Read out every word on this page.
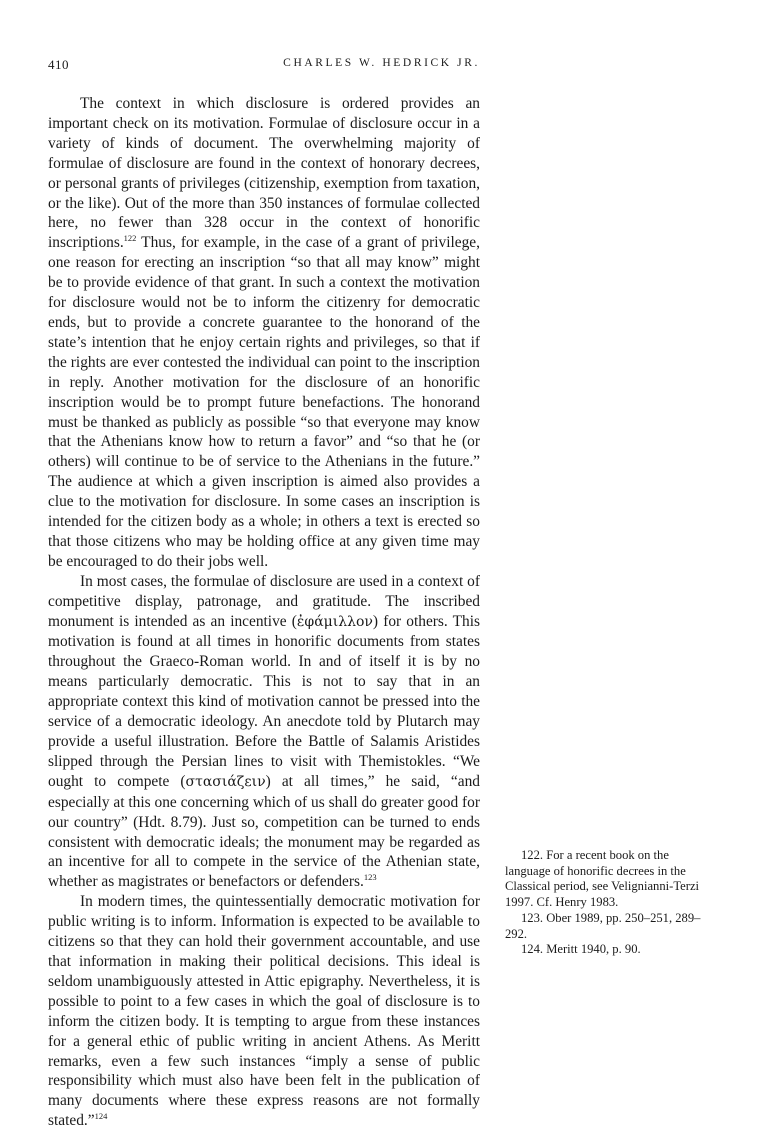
410	CHARLES W. HEDRICK JR.

The context in which disclosure is ordered provides an important check on its motivation. Formulae of disclosure occur in a variety of kinds of document. The overwhelming majority of formulae of disclosure are found in the context of honorary decrees, or personal grants of privileges (citizenship, exemption from taxation, or the like). Out of the more than 350 instances of formulae collected here, no fewer than 328 occur in the context of honorific inscriptions.$^{122}$ Thus, for example, in the case of a grant of privilege, one reason for erecting an inscription “so that all may know” might be to provide evidence of that grant. In such a context the motivation for disclosure would not be to inform the citizenry for democratic ends, but to provide a concrete guarantee to the honorand of the state’s intention that he enjoy certain rights and privileges, so that if the rights are ever contested the individual can point to the inscription in reply. Another motivation for the disclosure of an honorific inscription would be to prompt future benefactions. The honorand must be thanked as publicly as possible “so that everyone may know that the Athenians know how to return a favor” and “so that he (or others) will continue to be of service to the Athenians in the future.” The audience at which a given inscription is aimed also provides a clue to the motivation for disclosure. In some cases an inscription is intended for the citizen body as a whole; in others a text is erected so that those citizens who may be holding office at any given time may be encouraged to do their jobs well.

In most cases, the formulae of disclosure are used in a context of competitive display, patronage, and gratitude. The inscribed monument is intended as an incentive (ἐφάμιλλον) for others. This motivation is found at all times in honorific documents from states throughout the Graeco-Roman world. In and of itself it is by no means particularly democratic. This is not to say that in an appropriate context this kind of motivation cannot be pressed into the service of a democratic ideology. An anecdote told by Plutarch may provide a useful illustration. Before the Battle of Salamis Aristides slipped through the Persian lines to visit with Themistokles. “We ought to compete (στασιάζειν) at all times,” he said, “and especially at this one concerning which of us shall do greater good for our country” (Hdt. 8.79). Just so, competition can be turned to ends consistent with democratic ideals; the monument may be regarded as an incentive for all to compete in the service of the Athenian state, whether as magistrates or benefactors or defenders.$^{123}$

In modern times, the quintessentially democratic motivation for public writing is to inform. Information is expected to be available to citizens so that they can hold their government accountable, and use that information in making their political decisions. This ideal is seldom unambiguously attested in Attic epigraphy. Nevertheless, it is possible to point to a few cases in which the goal of disclosure is to inform the citizen body. It is tempting to argue from these instances for a general ethic of public writing in ancient Athens. As Meritt remarks, even a few such instances “imply a sense of public responsibility which must also have been felt in the publication of many documents where these express reasons are not formally stated.”$^{124}$

122. For a recent book on the language of honorific decrees in the Classical period, see Velignianni-Terzi 1997. Cf. Henry 1983.

123. Ober 1989, pp. 250–251, 289–292.

124. Meritt 1940, p. 90.
